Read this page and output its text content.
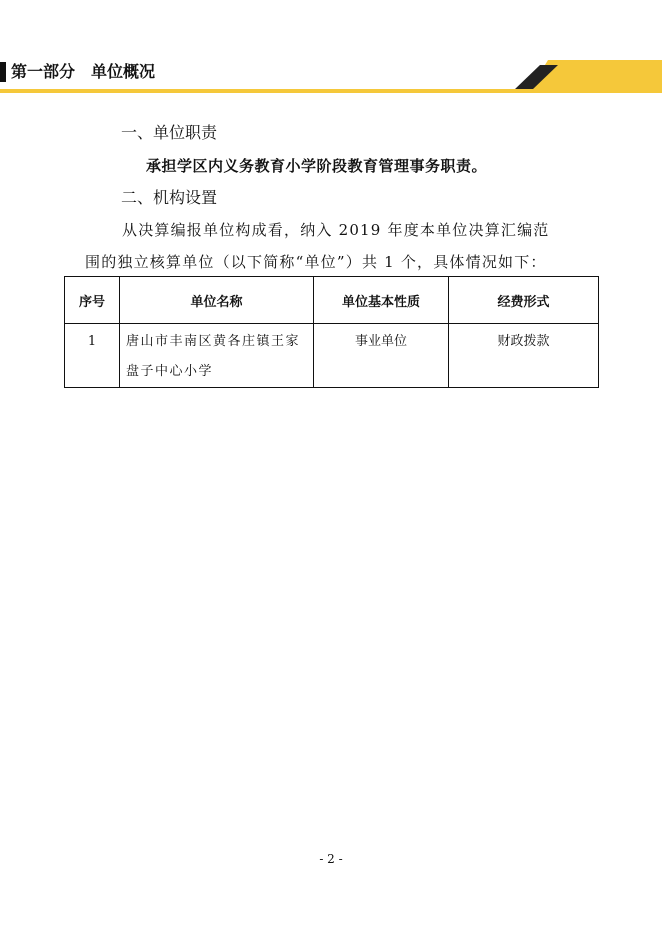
第一部分　单位概况
一、单位职责
承担学区内义务教育小学阶段教育管理事务职责。
二、机构设置
从决算编报单位构成看，纳入 2019 年度本单位决算汇编范
围的独立核算单位（以下简称“单位”）共 1 个，具体情况如下：
序号	单位名称	单位基本性质	经费形式
1	唐山市丰南区黄各庄镇王家盘子中心小学	事业单位	财政拨款
- 2 -
